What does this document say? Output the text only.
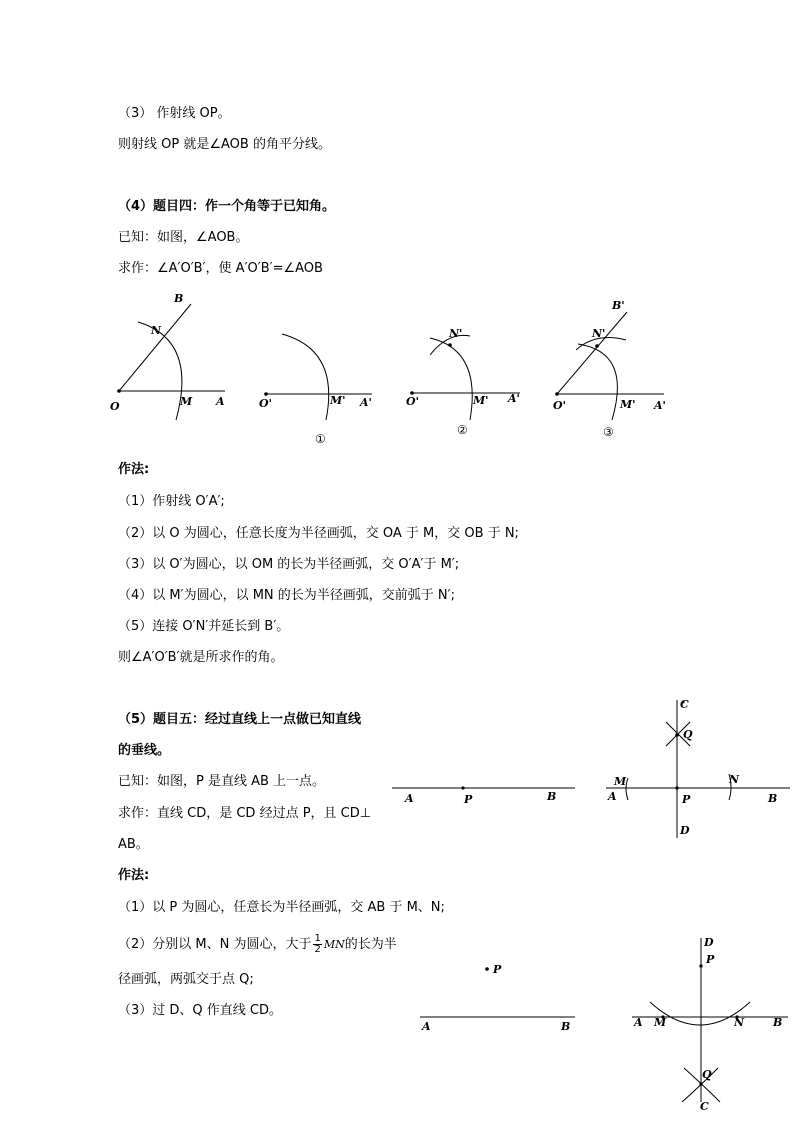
（3） 作射线 OP。
则射线 OP 就是∠AOB 的角平分线。
（4）题目四：作一个角等于已知角。
已知：如图，∠AOB。
求作：∠A′O′B′，使 A′O′B′=∠AOB
B
N
O	M A	O'	M' A'	O'
N'
M' A'
B'
N'
O'	M' A'
①
②	③
作法:
（1）作射线 O′A′;
（2）以 O 为圆心，任意长度为半径画弧，交 OA 于 M，交 OB 于 N;
（3）以 O′为圆心，以 OM 的长为半径画弧，交 O′A′于 M′;
（4）以 M′为圆心，以 MN 的长为半径画弧，交前弧于 N′;
（5）连接 O′N′并延长到 B′。
则∠A′O′B′就是所求作的角。
（5）题目五：经过直线上一点做已知直线
的垂线。
已知：如图，P 是直线 AB 上一点。
求作：直线 CD，是 CD 经过点 P，且 CD⊥
AB。
作法:
（1）以 P 为圆心，任意长为半径画弧，交 AB 于 M、N;
（2）分别以 M、N 为圆心，大于 $\frac{1}{2}$ MN的长为半
径画弧，两弧交于点 Q;
（3）过 D、Q 作直线 CD。
A	P	B
C
Q
M	N
A	P	B
D
P
A	B
D
P
A M	N	B
Q
C
